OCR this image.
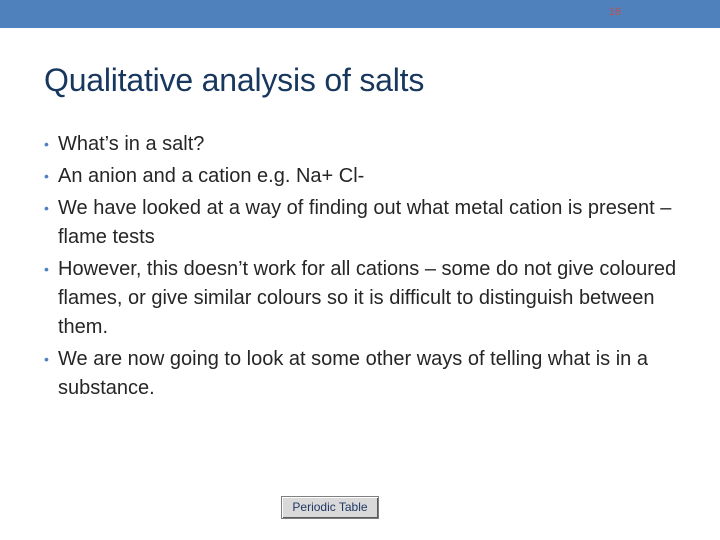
16
Qualitative analysis of salts
• What’s in a salt?
• An anion and a cation e.g. Na+ Cl-
• We have looked at a way of finding out what metal cation is present – flame tests
• However, this doesn’t work for all cations – some do not give coloured flames, or give similar colours so it is difficult to distinguish between them.
• We are now going to look at some other ways of telling what is in a substance.
Periodic Table
